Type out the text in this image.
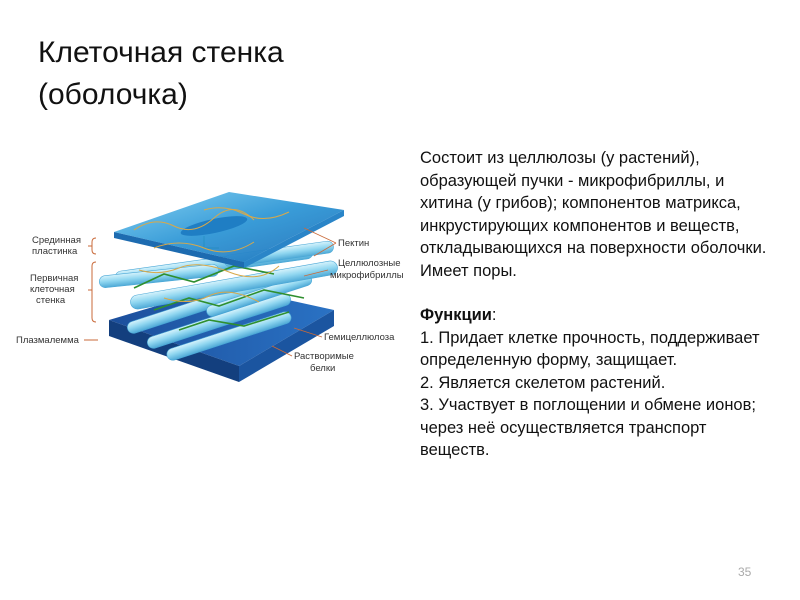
Клеточная стенка
(оболочка)
Срединная
пластинка
Первичная
клеточная
стенка
Плазмалемма
Пектин
Целлюлозные
микрофибриллы
Гемицеллюлоза
Растворимые
белки

Состоит из целлюлозы (у растений), образующей пучки - микрофибриллы, и хитина (у грибов); компонентов матрикса, инкрустирующих компонентов и веществ, откладывающихся на поверхности оболочки. Имеет поры.

Функции:

1. Придает клетке прочность, поддерживает определенную форму, защищает.

2. Является скелетом растений.

3. Участвует в поглощении и обмене ионов; через неё осуществляется транспорт веществ.

35
